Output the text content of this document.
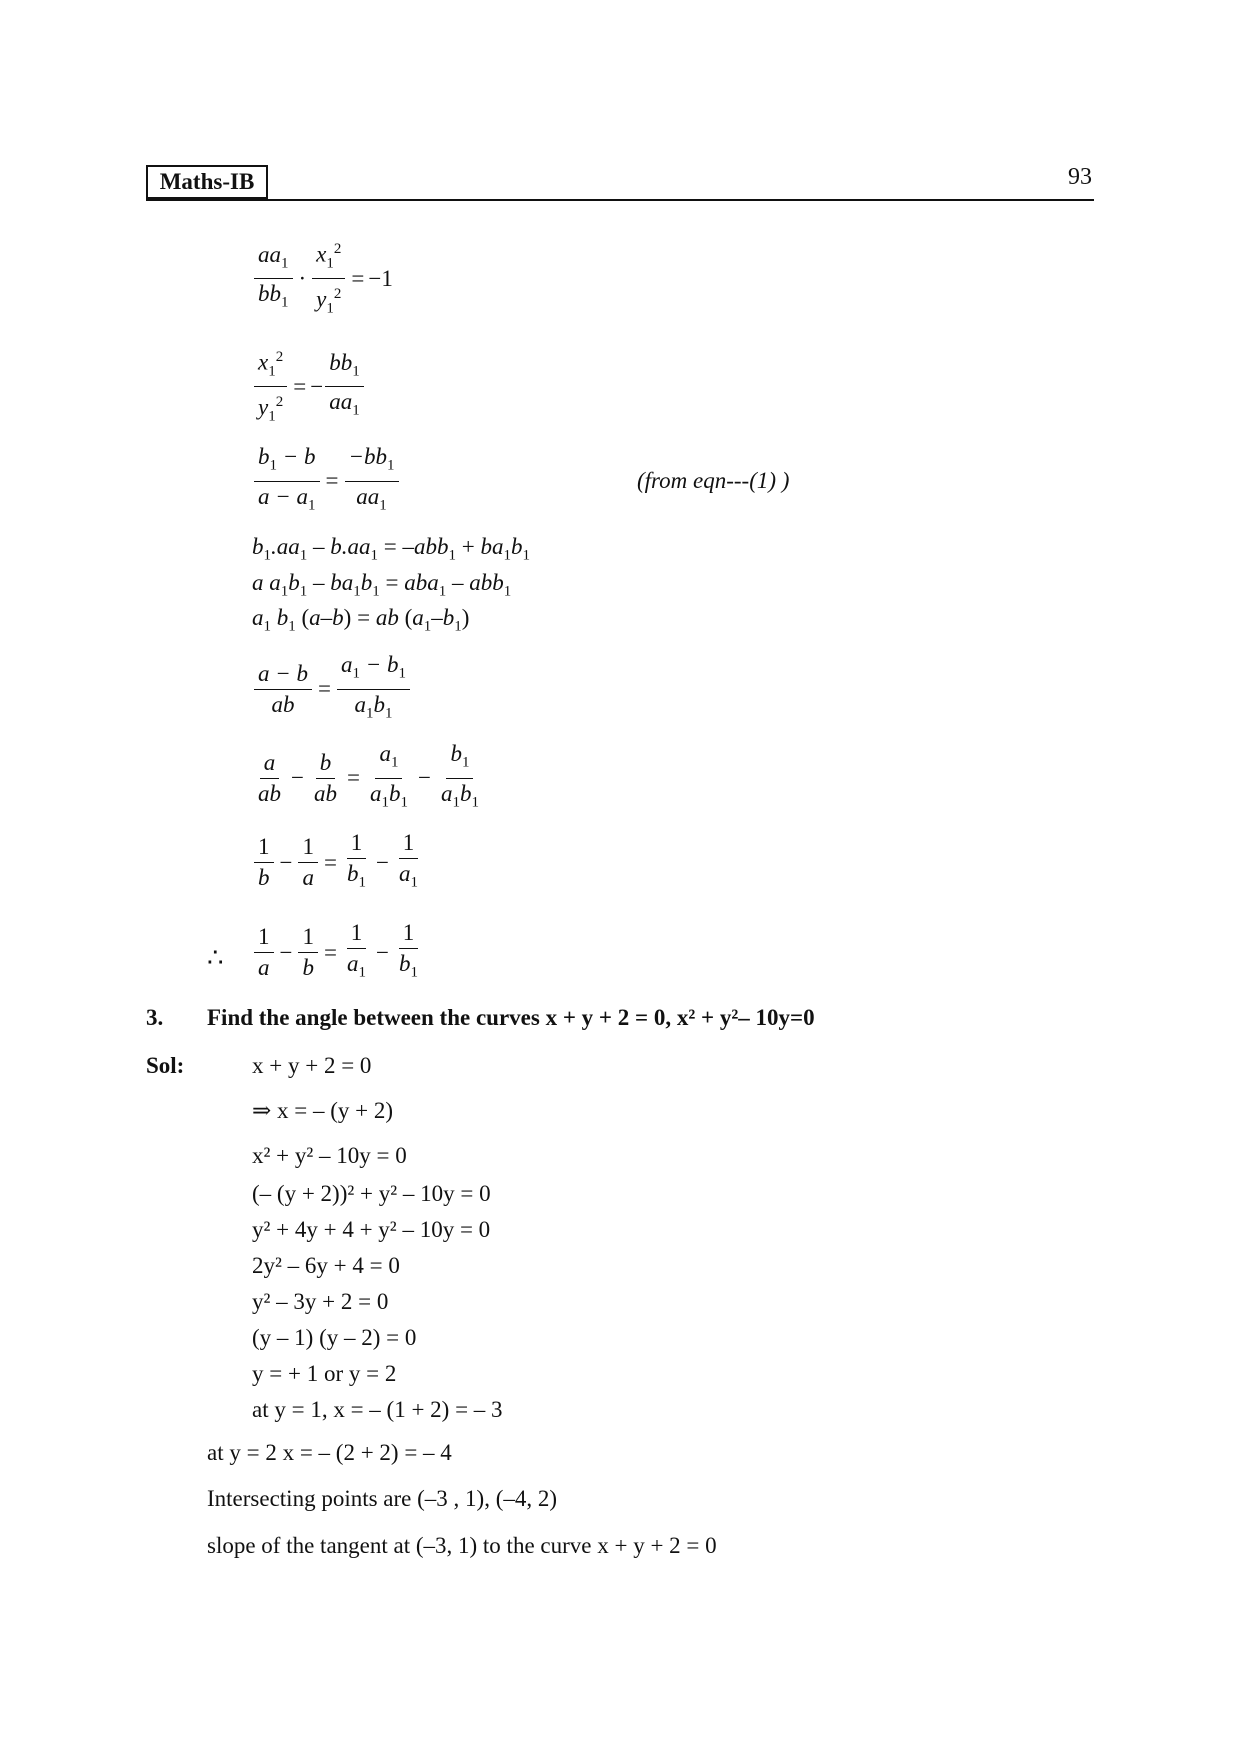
Maths-IB	93
$\frac{aa_1}{bb_1} \cdot \frac{x_1^2}{y_1^2} = -1$
$\frac{x_1^2}{y_1^2}$ = − $\frac{bb_1}{aa_1}$
$\frac{b_1 - b}{a - a_1} = \frac{-bb_1}{aa_1}$	(from eqn---(1) )
$b_1.aa_1 - b.aa_1 = -abb_1 + ba_1b_1$
a $a_1b_1 - ba_1b_1 = aba_1 - abb_1$
$a_1$ $b_1$ (a–b) = ab $(a_1-b_1)$
$\frac{a - b}{ab} = \frac{a_1 - b_1}{a_1b_1}$
$\frac{a}{ab} - \frac{b}{ab} = \frac{a_1}{a_1b_1} - \frac{b_1}{a_1b_1}$
$\frac{1}{b} - \frac{1}{a} = \frac{1}{b_1} - \frac{1}{a_1}$
∴ $\frac{1}{a} - \frac{1}{b} = \frac{1}{a_1} - \frac{1}{b_1}$
3. Find the angle between the curves x + y + 2 = 0, x² + y²– 10y=0
Sol:	x + y + 2 = 0
⇒ x = – (y + 2)
x² + y² – 10y = 0
(– (y + 2))² + y² – 10y = 0
y² + 4y + 4 + y² – 10y = 0
2y² – 6y + 4 = 0
y² – 3y + 2 = 0
(y – 1) (y – 2) = 0
y = + 1 or y = 2
at y = 1, x = – (1 + 2) = – 3
at y = 2 x = – (2 + 2) = – 4
Intersecting points are (–3 , 1), (–4, 2)
slope of the tangent at (–3, 1) to the curve x + y + 2 = 0
